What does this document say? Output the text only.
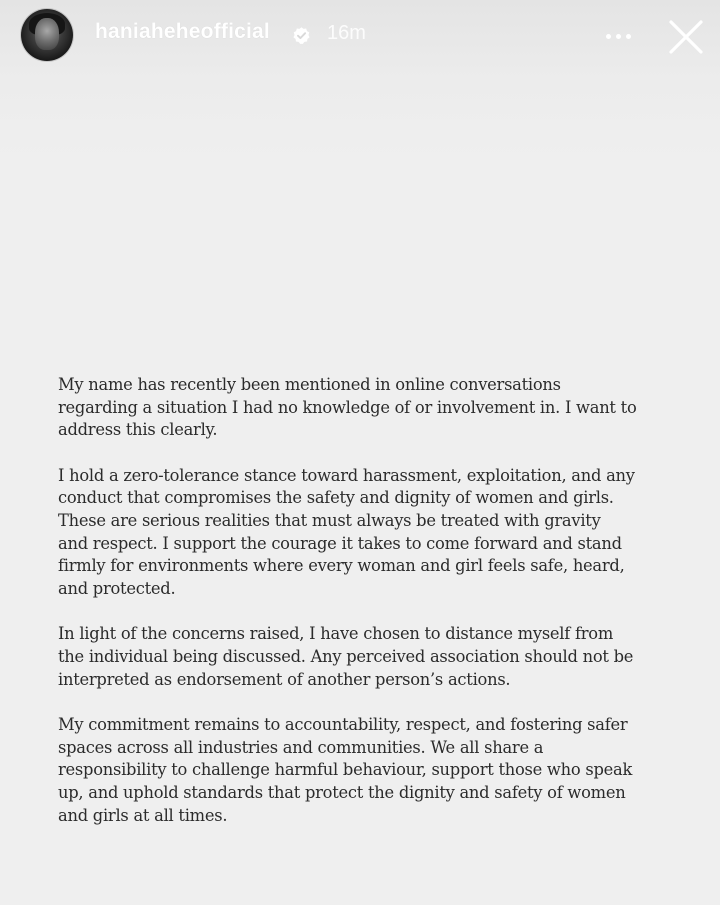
haniaheheofficial	16m

My name has recently been mentioned in online conversations
regarding a situation I had no knowledge of or involvement in. I want to
address this clearly.

I hold a zero-tolerance stance toward harassment, exploitation, and any
conduct that compromises the safety and dignity of women and girls.
These are serious realities that must always be treated with gravity
and respect. I support the courage it takes to come forward and stand
firmly for environments where every woman and girl feels safe, heard,
and protected.

In light of the concerns raised, I have chosen to distance myself from
the individual being discussed. Any perceived association should not be
interpreted as endorsement of another person’s actions.

My commitment remains to accountability, respect, and fostering safer
spaces across all industries and communities. We all share a
responsibility to challenge harmful behaviour, support those who speak
up, and uphold standards that protect the dignity and safety of women
and girls at all times.
